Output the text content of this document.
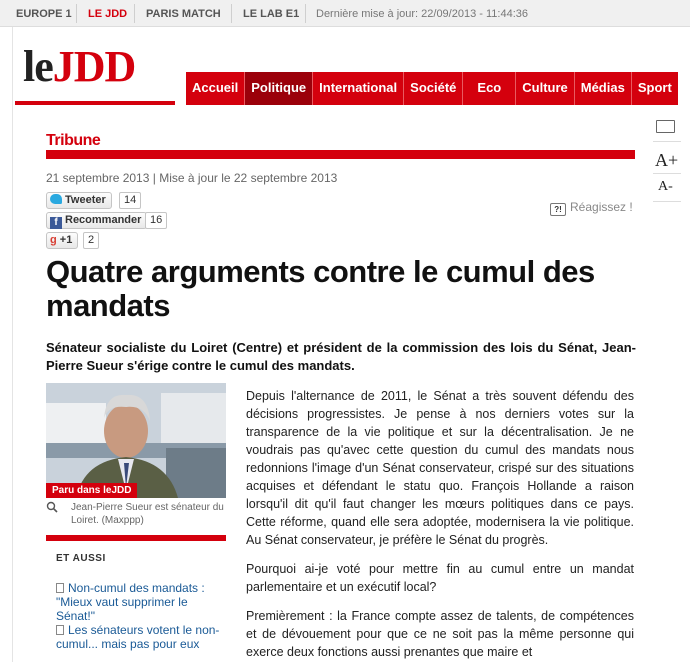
EUROPE 1 LE JDD PARIS MATCH LE LAB E1 Dernière mise à jour: 22/09/2013 - 11:44:36
leJDD	Accueil	Politique	International	Société	Eco	Culture	Médias	Sport
A+
A-
Tribune
21 septembre 2013 | Mise à jour le 22 septembre 2013
Tweeter	14
f Recommander 16
g +1	2
?! Réagissez !
Quatre arguments contre le cumul des mandats
Sénateur socialiste du Loiret (Centre) et président de la commission des lois du Sénat, Jean-Pierre Sueur s'érige contre le cumul des mandats.
Paru dans leJDD
Jean-Pierre Sueur est sénateur du Loiret. (Maxppp)
ET AUSSI
Non-cumul des mandats : "Mieux vaut supprimer le Sénat!"
Les sénateurs votent le non-cumul... mais pas pour eux

Depuis l'alternance de 2011, le Sénat a très souvent défendu des décisions progressistes. Je pense à nos derniers votes sur la transparence de la vie politique et sur la décentralisation. Je ne voudrais pas qu'avec cette question du cumul des mandats nous redonnions l'image d'un Sénat conservateur, crispé sur des situations acquises et défendant le statu quo. François Hollande a raison lorsqu'il dit qu'il faut changer les mœurs politiques dans ce pays. Cette réforme, quand elle sera adoptée, modernisera la vie politique. Au Sénat conservateur, je préfère le Sénat du progrès.

Pourquoi ai-je voté pour mettre fin au cumul entre un mandat parlementaire et un exécutif local?

Premièrement : la France compte assez de talents, de compétences et de dévouement pour que ce ne soit pas la même personne qui exerce deux fonctions aussi prenantes que maire et
